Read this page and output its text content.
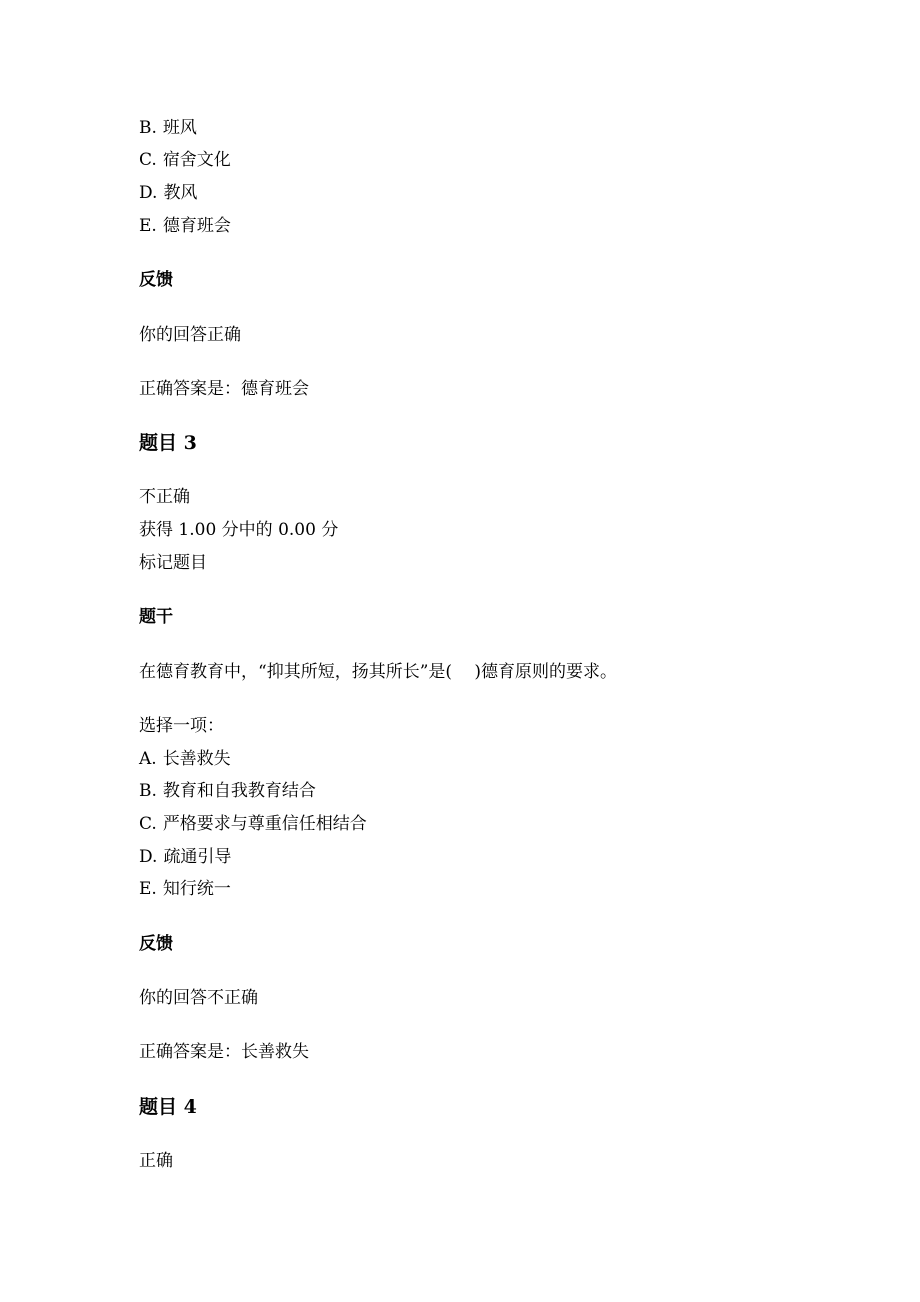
B. 班风
C. 宿舍文化
D. 教风
E. 德育班会
反馈
你的回答正确
正确答案是：德育班会
题目 3
不正确
获得 1.00 分中的 0.00 分
标记题目
题干
在德育教育中，“抑其所短，扬其所长”是(　 )德育原则的要求。
选择一项：
A. 长善救失
B. 教育和自我教育结合
C. 严格要求与尊重信任相结合
D. 疏通引导
E. 知行统一
反馈
你的回答不正确
正确答案是：长善救失
题目 4
正确
